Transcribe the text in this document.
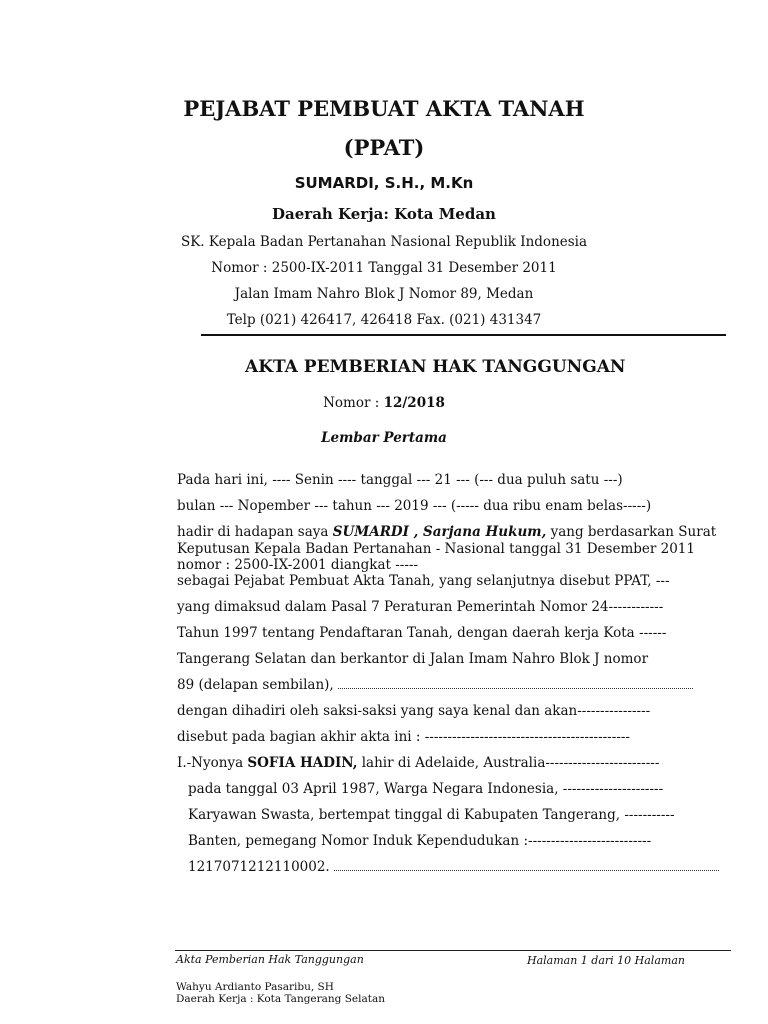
PEJABAT PEMBUAT AKTA TANAH
(PPAT)
SUMARDI, S.H., M.Kn
Daerah Kerja: Kota Medan
SK. Kepala Badan Pertanahan Nasional Republik Indonesia
Nomor : 2500-IX-2011 Tanggal 31 Desember 2011
Jalan Imam Nahro Blok J Nomor 89, Medan
Telp (021) 426417, 426418 Fax. (021) 431347
AKTA PEMBERIAN HAK TANGGUNGAN
Nomor : 12/2018
Lembar Pertama
Pada hari ini, ---- Senin ---- tanggal --- 21 --- (--- dua puluh satu ---)
bulan --- Nopember --- tahun --- 2019 --- (----- dua ribu enam belas-----)
hadir di hadapan saya SUMARDI , Sarjana Hukum, yang berdasarkan Surat
Keputusan Kepala Badan Pertanahan - Nasional tanggal 31 Desember 2011
nomor : 2500-IX-2001 diangkat -----
sebagai Pejabat Pembuat Akta Tanah, yang selanjutnya disebut PPAT, ---
yang dimaksud dalam Pasal 7 Peraturan Pemerintah Nomor 24------------
Tahun 1997 tentang Pendaftaran Tanah, dengan daerah kerja Kota ------
Tangerang Selatan dan berkantor di Jalan Imam Nahro Blok J nomor
89 (delapan sembilan),
dengan dihadiri oleh saksi-saksi yang saya kenal dan akan----------------
disebut pada bagian akhir akta ini : ---------------------------------------------
I.-Nyonya SOFIA HADIN, lahir di Adelaide, Australia-------------------------
pada tanggal 03 April 1987, Warga Negara Indonesia, ----------------------
Karyawan Swasta, bertempat tinggal di Kabupaten Tangerang, -----------
Banten, pemegang Nomor Induk Kependudukan :---------------------------
1217071212110002.
Akta Pemberian Hak Tanggungan	Halaman 1 dari 10 Halaman
Wahyu Ardianto Pasaribu, SH
Daerah Kerja : Kota Tangerang Selatan
